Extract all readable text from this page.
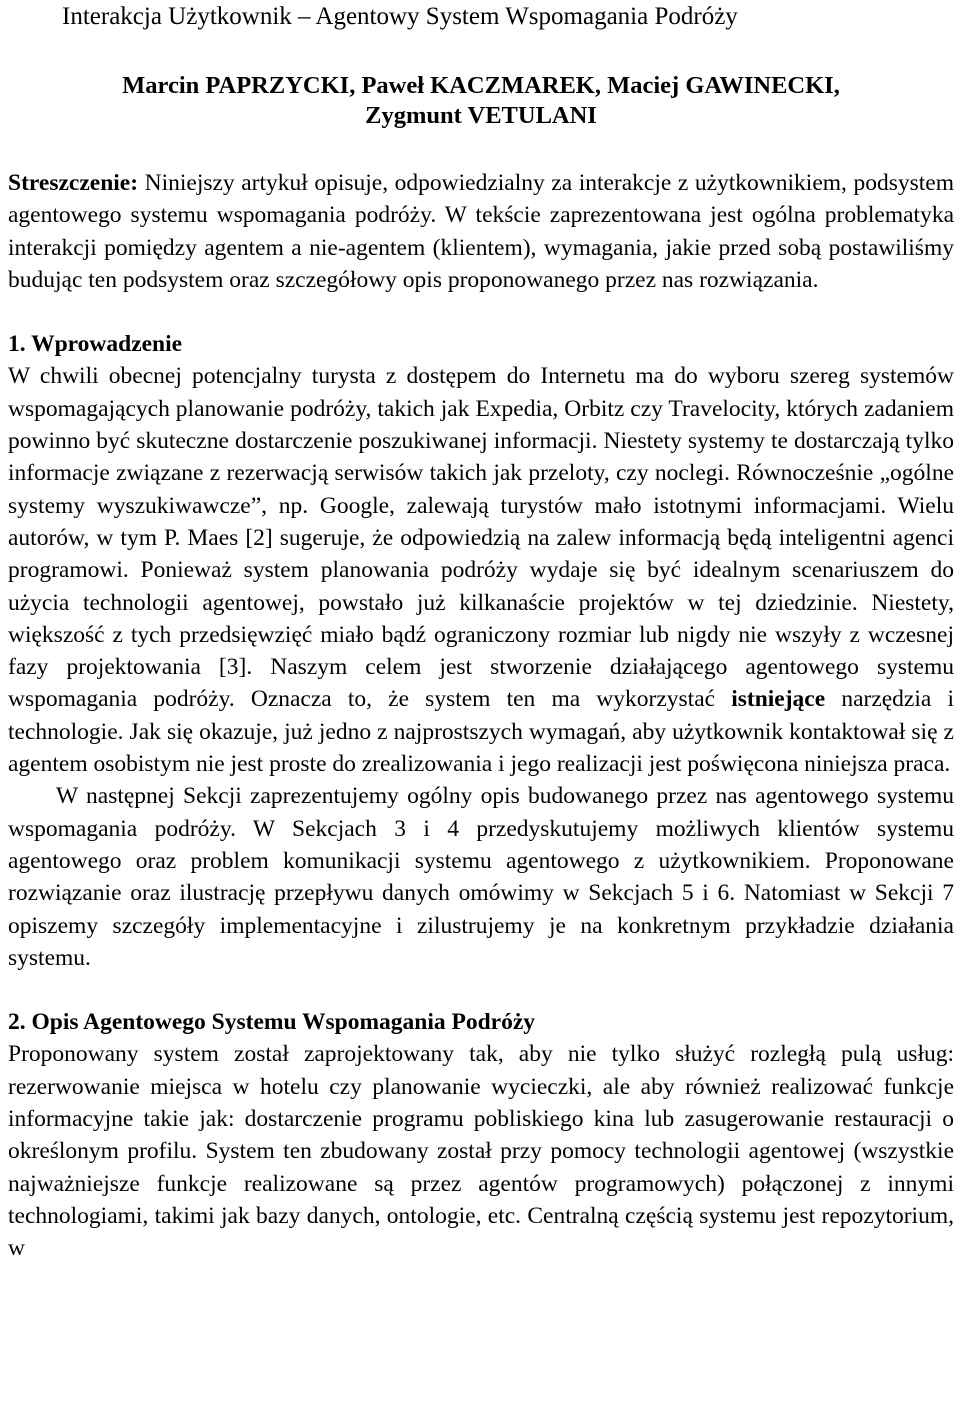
Interakcja Użytkownik – Agentowy System Wspomagania Podróży
Marcin PAPRZYCKI, Paweł KACZMAREK, Maciej GAWINECKI,
Zygmunt VETULANI

Streszczenie: Niniejszy artykuł opisuje, odpowiedzialny za interakcje z użytkownikiem, podsystem agentowego systemu wspomagania podróży. W tekście zaprezentowana jest ogólna problematyka interakcji pomiędzy agentem a nie-agentem (klientem), wymagania, jakie przed sobą postawiliśmy budując ten podsystem oraz szczegółowy opis proponowanego przez nas rozwiązania.

1. Wprowadzenie

W chwili obecnej potencjalny turysta z dostępem do Internetu ma do wyboru szereg systemów wspomagających planowanie podróży, takich jak Expedia, Orbitz czy Travelocity, których zadaniem powinno być skuteczne dostarczenie poszukiwanej informacji. Niestety systemy te dostarczają tylko informacje związane z rezerwacją serwisów takich jak przeloty, czy noclegi. Równocześnie „ogólne systemy wyszukiwawcze”, np. Google, zalewają turystów mało istotnymi informacjami. Wielu autorów, w tym P. Maes [2] sugeruje, że odpowiedzią na zalew informacją będą inteligentni agenci programowi. Ponieważ system planowania podróży wydaje się być idealnym scenariuszem do użycia technologii agentowej, powstało już kilkanaście projektów w tej dziedzinie. Niestety, większość z tych przedsięwzięć miało bądź ograniczony rozmiar lub nigdy nie wszyły z wczesnej fazy projektowania [3]. Naszym celem jest stworzenie działającego agentowego systemu wspomagania podróży. Oznacza to, że system ten ma wykorzystać istniejące narzędzia i technologie. Jak się okazuje, już jedno z najprostszych wymagań, aby użytkownik kontaktował się z agentem osobistym nie jest proste do zrealizowania i jego realizacji jest poświęcona niniejsza praca.

W następnej Sekcji zaprezentujemy ogólny opis budowanego przez nas agentowego systemu wspomagania podróży. W Sekcjach 3 i 4 przedyskutujemy możliwych klientów systemu agentowego oraz problem komunikacji systemu agentowego z użytkownikiem. Proponowane rozwiązanie oraz ilustrację przepływu danych omówimy w Sekcjach 5 i 6. Natomiast w Sekcji 7 opiszemy szczegóły implementacyjne i zilustrujemy je na konkretnym przykładzie działania systemu.

2. Opis Agentowego Systemu Wspomagania Podróży

Proponowany system został zaprojektowany tak, aby nie tylko służyć rozległą pulą usług: rezerwowanie miejsca w hotelu czy planowanie wycieczki, ale aby również realizować funkcje informacyjne takie jak: dostarczenie programu pobliskiego kina lub zasugerowanie restauracji o określonym profilu. System ten zbudowany został przy pomocy technologii agentowej (wszystkie najważniejsze funkcje realizowane są przez agentów programowych) połączonej z innymi technologiami, takimi jak bazy danych, ontologie, etc. Centralną częścią systemu jest repozytorium, w
